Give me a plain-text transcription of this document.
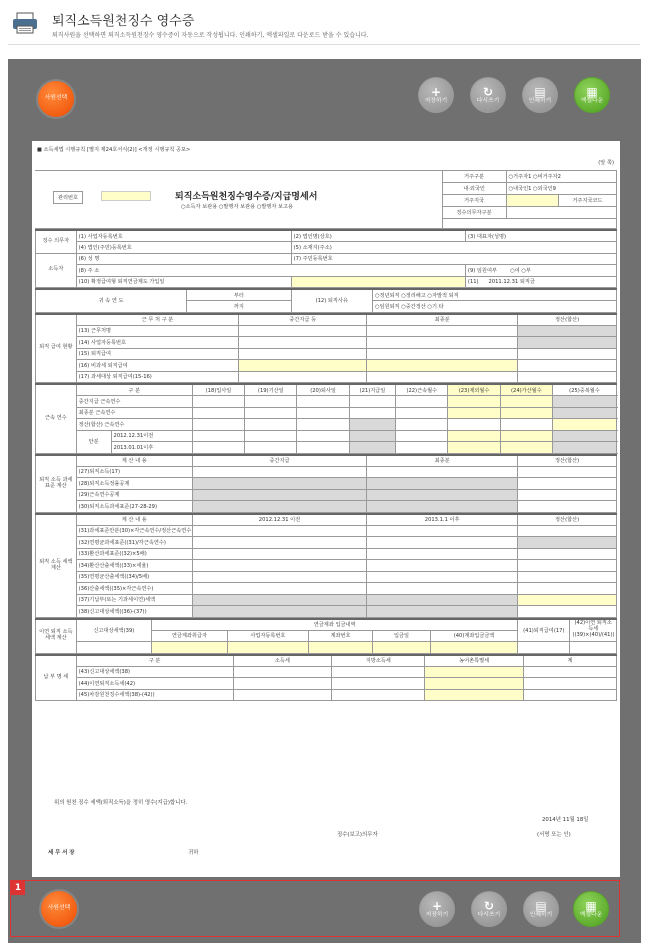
퇴직소득원천징수 영수증
퇴직사원을 선택하면 퇴직소득원천징수 영수증이 자동으로 작성됩니다. 인쇄하기, 엑셀파일로 다운로드 받을 수 있습니다.
사원선택	+
저장하기
↻
다시쓰기
▤
인쇄하기
▦
엑셀다운
■ 소득세법 시행규칙 [별지 제24호서식(2)] <개정 시행규칙 공포>
(앞 쪽)
관리번호 퇴직소득원천징수영수증/지급명세서
○소득자 보관용 ○발행자 보관용 ○발행자 보고용	거주구분	○거주자1 ○비거주자2	
	내·외국인	○내국인1 ○외국인9	
	거주지국		거주지국코드
	징수의무자구분		

징수 의무자	(1) 사업자등록번호	(2) 법인명(상호)	(3) 대표자(성명)
	(4) 법인(주민)등록번호	(5) 소재지(주소)	
소득자	(6) 성 명	(7) 주민등록번호	
	(8) 주 소		(9) 임원여부 ○여 ○부
	(10) 확정급여형 퇴직연금제도 가입일		(11) 2011.12.31 퇴직금
귀 속 연 도	부터	(12) 퇴직사유	○정년퇴직 ○정리해고 ○자발적 퇴직
	까지		○임원퇴직 ○중간정산 ○기 타
퇴직 급여 현황	근 무 처 구 분	중간지급 등	최종분	정산(합산)
	(13) 근무처명			
	(14) 사업자등록번호			
	(15) 퇴직급여			
	(16) 비과세 퇴직급여			
	(17) 과세대상 퇴직급여(15-16)			
근속 연수	구 분		(18)입사일	(19)기산일	(20)퇴사일	(21)지급일	(22)근속월수	(23)제외월수	(24)가산월수	(25)중복월수	
	중간지급 근속연수										
	최종분 근속연수										
	정산(합산) 근속연수										
	안분	2012.12.31이전									
		2013.01.01이후									
퇴직 소득 과세 표준 계산	계 산 내 용	중간지급	최종분	정산(합산)
	(27)퇴직소득(17)			
	(28)퇴직소득정률공제			
	(29)근속연수공제			
	(30)퇴직소득과세표준(27-28-29)			
퇴직 소득 세액 계산	계 산 내 용	2012.12.31 이전	2013.1.1 이후	정산(합산)
	(31)과세표준안분(30)×각근속연수/정산근속연수			
	(32)연평균과세표준((31)/각근속연수)			
	(33)환산과세표준((32)×5배)			
	(34)환산산출세액((33)×세율)			
	(35)연평균산출세액((34)/5배)			
	(36)산출세액((35)×각근속연수)			
	(37)기납부(또는 기과세이연)세액			
	(38)신고대상세액((36)-(37))			
이연 퇴직 소득 세액 계산	신고대상세액(39)	연금계좌 입금내역					(41)퇴직급여(17)	(42)이연 퇴직소득세((39)×(40)/(41))
		연금계좌취급자	사업자등록번호	계좌번호	입금일	(40)계좌입금금액		

납 부 명 세	구 분	소득세	지방소득세	농어촌특별세	계
	(43)신고대상세액(38)				
	(44)이연퇴직소득세(42)				
	(45)차감원천징수세액(38)-(42))				
위의 원천 징수 세액(퇴직소득)을 정히 영수(지급)합니다.
2014년 11월 18일
징수(보고)의무자	(서명 또는 인)
세 무 서 장	귀하
1
사원선택	+
저장하기
↻
다시쓰기
▤
인쇄하기
▦
엑셀다운
